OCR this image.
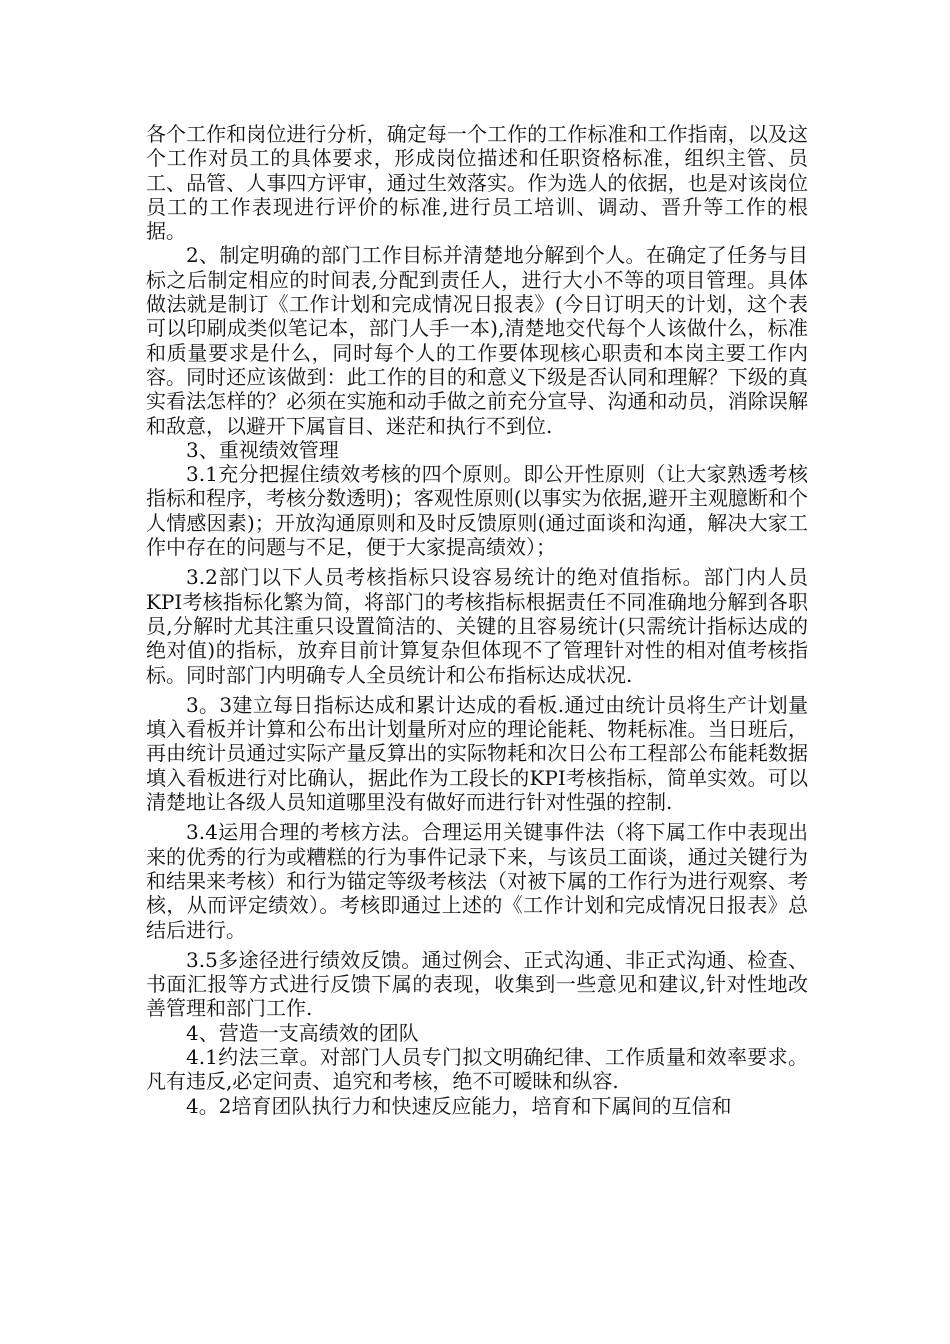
各个工作和岗位进行分析，确定每一个工作的工作标准和工作指南，以及这个工作对员工的具体要求，形成岗位描述和任职资格标准，组织主管、员工、品管、人事四方评审，通过生效落实。作为选人的依据，也是对该岗位员工的工作表现进行评价的标准,进行员工培训、调动、晋升等工作的根据。

2、制定明确的部门工作目标并清楚地分解到个人。在确定了任务与目标之后制定相应的时间表,分配到责任人，进行大小不等的项目管理。具体做法就是制订《工作计划和完成情况日报表》(今日订明天的计划，这个表可以印刷成类似笔记本，部门人手一本),清楚地交代每个人该做什么，标准和质量要求是什么，同时每个人的工作要体现核心职责和本岗主要工作内容。同时还应该做到：此工作的目的和意义下级是否认同和理解？下级的真实看法怎样的？必须在实施和动手做之前充分宣导、沟通和动员，消除误解和敌意，以避开下属盲目、迷茫和执行不到位.

3、重视绩效管理

3.1充分把握住绩效考核的四个原则。即公开性原则（让大家熟透考核指标和程序，考核分数透明)；客观性原则(以事实为依据,避开主观臆断和个人情感因素)；开放沟通原则和及时反馈原则(通过面谈和沟通，解决大家工作中存在的问题与不足，便于大家提高绩效）；

3.2部门以下人员考核指标只设容易统计的绝对值指标。部门内人员KPI考核指标化繁为简，将部门的考核指标根据责任不同准确地分解到各职员,分解时尤其注重只设置简洁的、关键的且容易统计(只需统计指标达成的绝对值)的指标，放弃目前计算复杂但体现不了管理针对性的相对值考核指标。同时部门内明确专人全员统计和公布指标达成状况.

3。3建立每日指标达成和累计达成的看板.通过由统计员将生产计划量填入看板并计算和公布出计划量所对应的理论能耗、物耗标准。当日班后，再由统计员通过实际产量反算出的实际物耗和次日公布工程部公布能耗数据填入看板进行对比确认，据此作为工段长的KPI考核指标，简单实效。可以清楚地让各级人员知道哪里没有做好而进行针对性强的控制.

3.4运用合理的考核方法。合理运用关键事件法（将下属工作中表现出来的优秀的行为或糟糕的行为事件记录下来，与该员工面谈，通过关键行为和结果来考核）和行为锚定等级考核法（对被下属的工作行为进行观察、考核，从而评定绩效）。考核即通过上述的《工作计划和完成情况日报表》总结后进行。

3.5多途径进行绩效反馈。通过例会、正式沟通、非正式沟通、检查、书面汇报等方式进行反馈下属的表现，收集到一些意见和建议,针对性地改善管理和部门工作.

4、营造一支高绩效的团队

4.1约法三章。对部门人员专门拟文明确纪律、工作质量和效率要求。凡有违反,必定问责、追究和考核，绝不可暧昧和纵容.

4。2培育团队执行力和快速反应能力，培育和下属间的互信和
